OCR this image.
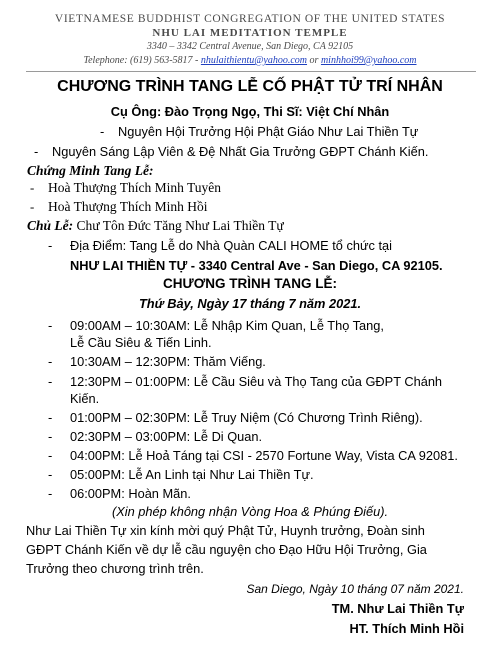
VIETNAMESE BUDDHIST CONGREGATION OF THE UNITED STATES
NHU LAI MEDITATION TEMPLE
3340 – 3342 Central Avenue, San Diego, CA 92105
Telephone: (619) 563-5817 - nhulaithientu@yahoo.com or minhhoi99@yahoo.com
CHƯƠNG TRÌNH TANG LỄ CỐ PHẬT TỬ TRÍ NHÂN
Cụ Ông: Đào Trọng Ngọ, Thi Sĩ: Việt Chí Nhân
- Nguyên Hội Trưởng Hội Phật Giáo Như Lai Thiền Tự
- Nguyên Sáng Lập Viên & Đệ Nhất Gia Trưởng GĐPT Chánh Kiến.
Chứng Minh Tang Lễ:
- Hoà Thượng Thích Minh Tuyên
- Hoà Thượng Thích Minh Hồi
Chủ Lễ: Chư Tôn Đức Tăng Như Lai Thiền Tự
- Địa Điểm: Tang Lễ do Nhà Quàn CALI HOME tổ chức tại
NHƯ LAI THIỀN TỰ - 3340 Central Ave - San Diego, CA 92105.
CHƯƠNG TRÌNH TANG LỄ:
Thứ Bảy, Ngày 17 tháng 7 năm 2021.
- 09:00AM – 10:30AM: Lễ Nhập Kim Quan, Lễ Thọ Tang,
Lễ Cầu Siêu & Tiến Linh.
- 10:30AM – 12:30PM: Thăm Viếng.
- 12:30PM – 01:00PM: Lễ Cầu Siêu và Thọ Tang của GĐPT Chánh
Kiến.
- 01:00PM – 02:30PM: Lễ Truy Niệm (Có Chương Trình Riêng).
- 02:30PM – 03:00PM: Lễ Di Quan.
- 04:00PM: Lễ Hoả Táng tại CSI - 2570 Fortune Way, Vista CA 92081.
- 05:00PM: Lễ An Linh tại Như Lai Thiền Tự.
- 06:00PM: Hoàn Mãn.
(Xin phép không nhận Vòng Hoa & Phúng Điếu).
Như Lai Thiền Tự xin kính mời quý Phật Tử, Huynh trưởng, Đoàn sinh
GĐPT Chánh Kiến về dự lễ cầu nguyện cho Đạo Hữu Hội Trưởng, Gia
Trưởng theo chương trình trên.
San Diego, Ngày 10 tháng 07 năm 2021.
TM. Như Lai Thiền Tự
HT. Thích Minh Hồi
